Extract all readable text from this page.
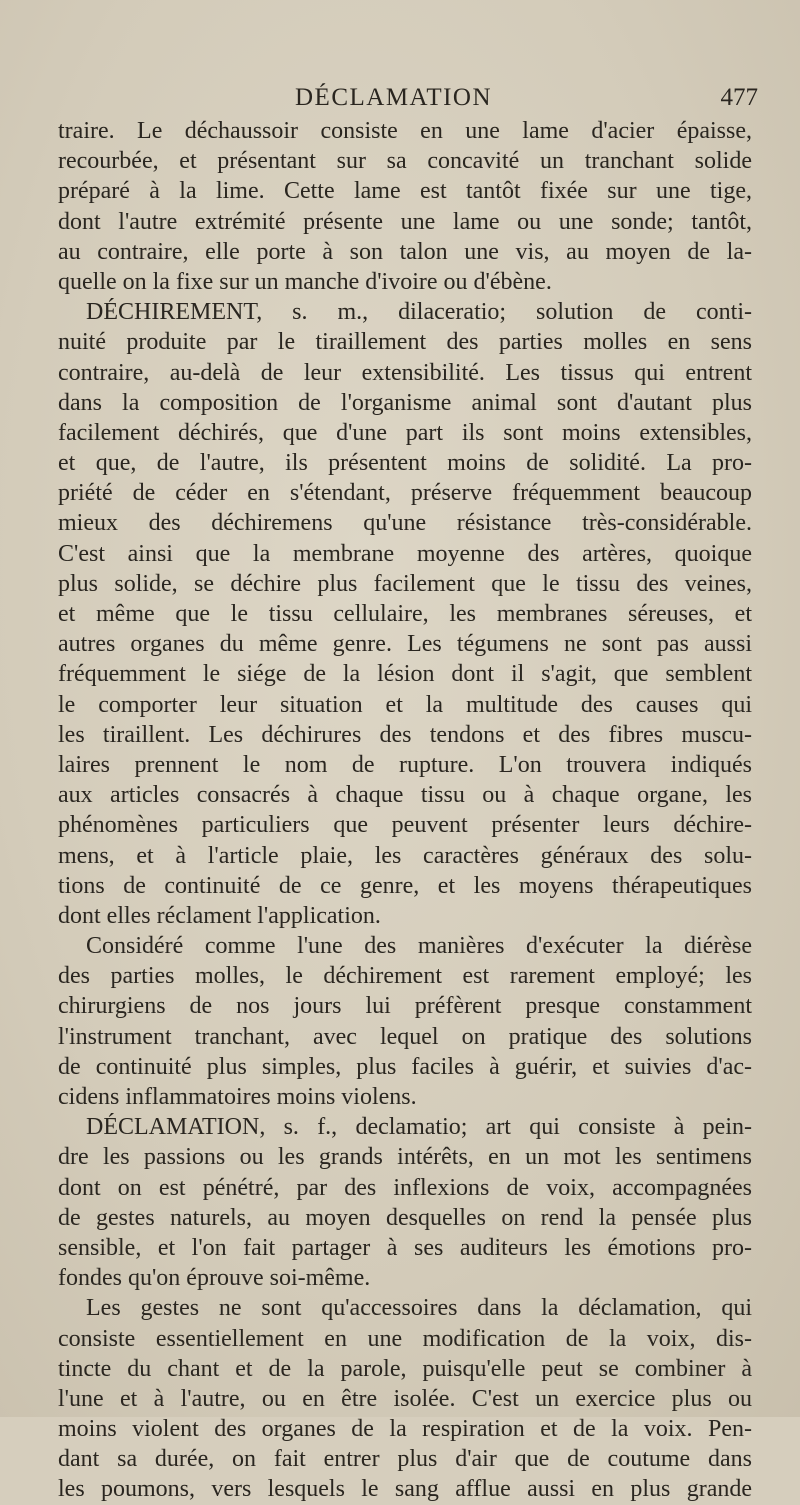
DÉCLAMATION	477
traire. Le déchaussoir consiste en une lame d'acier épaisse,
recourbée, et présentant sur sa concavité un tranchant solide
préparé à la lime. Cette lame est tantôt fixée sur une tige,
dont l'autre extrémité présente une lame ou une sonde; tantôt,
au contraire, elle porte à son talon une vis, au moyen de la-
quelle on la fixe sur un manche d'ivoire ou d'ébène.
DÉCHIREMENT, s. m., dilaceratio; solution de conti-
nuité produite par le tiraillement des parties molles en sens
contraire, au-delà de leur extensibilité. Les tissus qui entrent
dans la composition de l'organisme animal sont d'autant plus
facilement déchirés, que d'une part ils sont moins extensibles,
et que, de l'autre, ils présentent moins de solidité. La pro-
priété de céder en s'étendant, préserve fréquemment beaucoup
mieux des déchiremens qu'une résistance très-considérable.
C'est ainsi que la membrane moyenne des artères, quoique
plus solide, se déchire plus facilement que le tissu des veines,
et même que le tissu cellulaire, les membranes séreuses, et
autres organes du même genre. Les tégumens ne sont pas aussi
fréquemment le siége de la lésion dont il s'agit, que semblent
le comporter leur situation et la multitude des causes qui
les tiraillent. Les déchirures des tendons et des fibres muscu-
laires prennent le nom de rupture. L'on trouvera indiqués
aux articles consacrés à chaque tissu ou à chaque organe, les
phénomènes particuliers que peuvent présenter leurs déchire-
mens, et à l'article plaie, les caractères généraux des solu-
tions de continuité de ce genre, et les moyens thérapeutiques
dont elles réclament l'application.
Considéré comme l'une des manières d'exécuter la diérèse
des parties molles, le déchirement est rarement employé; les
chirurgiens de nos jours lui préfèrent presque constamment
l'instrument tranchant, avec lequel on pratique des solutions
de continuité plus simples, plus faciles à guérir, et suivies d'ac-
cidens inflammatoires moins violens.
DÉCLAMATION, s. f., declamatio; art qui consiste à pein-
dre les passions ou les grands intérêts, en un mot les sentimens
dont on est pénétré, par des inflexions de voix, accompagnées
de gestes naturels, au moyen desquelles on rend la pensée plus
sensible, et l'on fait partager à ses auditeurs les émotions pro-
fondes qu'on éprouve soi-même.
Les gestes ne sont qu'accessoires dans la déclamation, qui
consiste essentiellement en une modification de la voix, dis-
tincte du chant et de la parole, puisqu'elle peut se combiner à
l'une et à l'autre, ou en être isolée. C'est un exercice plus ou
moins violent des organes de la respiration et de la voix. Pen-
dant sa durée, on fait entrer plus d'air que de coutume dans
les poumons, vers lesquels le sang afflue aussi en plus grande
